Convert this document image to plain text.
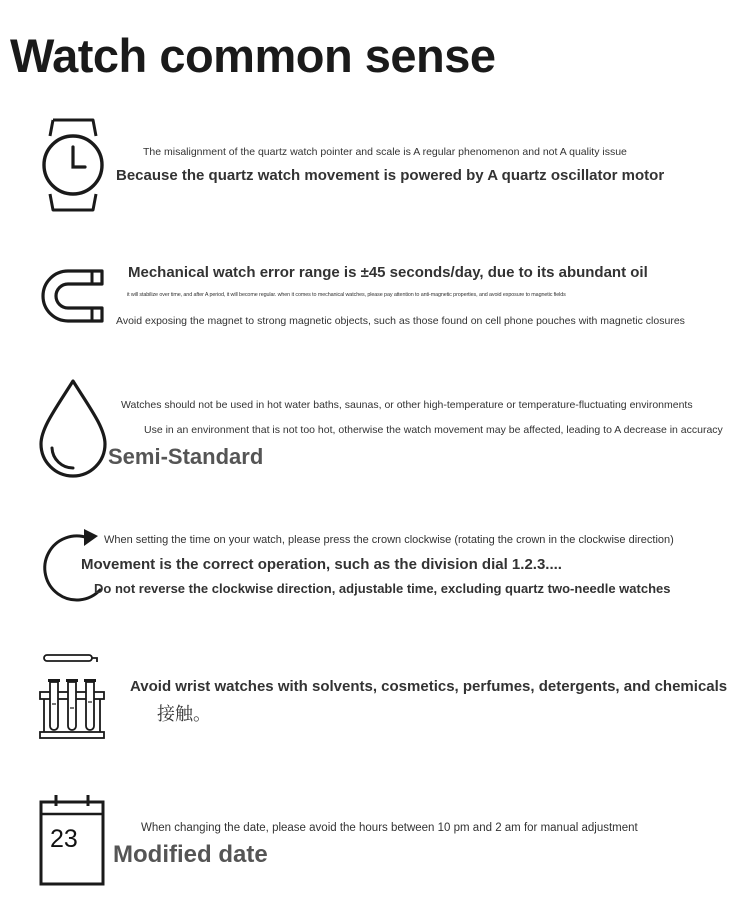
Watch common sense
The misalignment of the quartz watch pointer and scale is A regular phenomenon and not A quality issue
Because the quartz watch movement is powered by A quartz oscillator motor
Mechanical watch error range is ±45 seconds/day, due to its abundant oil
it will stabilize over time, and after A period, it will become regular. when it comes to mechanical watches, please pay attention to anti-magnetic properties, and avoid exposure to magnetic fields
Avoid exposing the magnet to strong magnetic objects, such as those found on cell phone pouches with magnetic closures
Watches should not be used in hot water baths, saunas, or other high-temperature or temperature-fluctuating environments
Use in an environment that is not too hot, otherwise the watch movement may be affected, leading to A decrease in accuracy
Semi-Standard
When setting the time on your watch, please press the crown clockwise (rotating the crown in the clockwise direction)
Movement is the correct operation, such as the division dial 1.2.3....
Do not reverse the clockwise direction, adjustable time, excluding quartz two-needle watches
Avoid wrist watches with solvents, cosmetics, perfumes, detergents, and chemicals
接触。
23	When changing the date, please avoid the hours between 10 pm and 2 am for manual adjustment
Modified date
